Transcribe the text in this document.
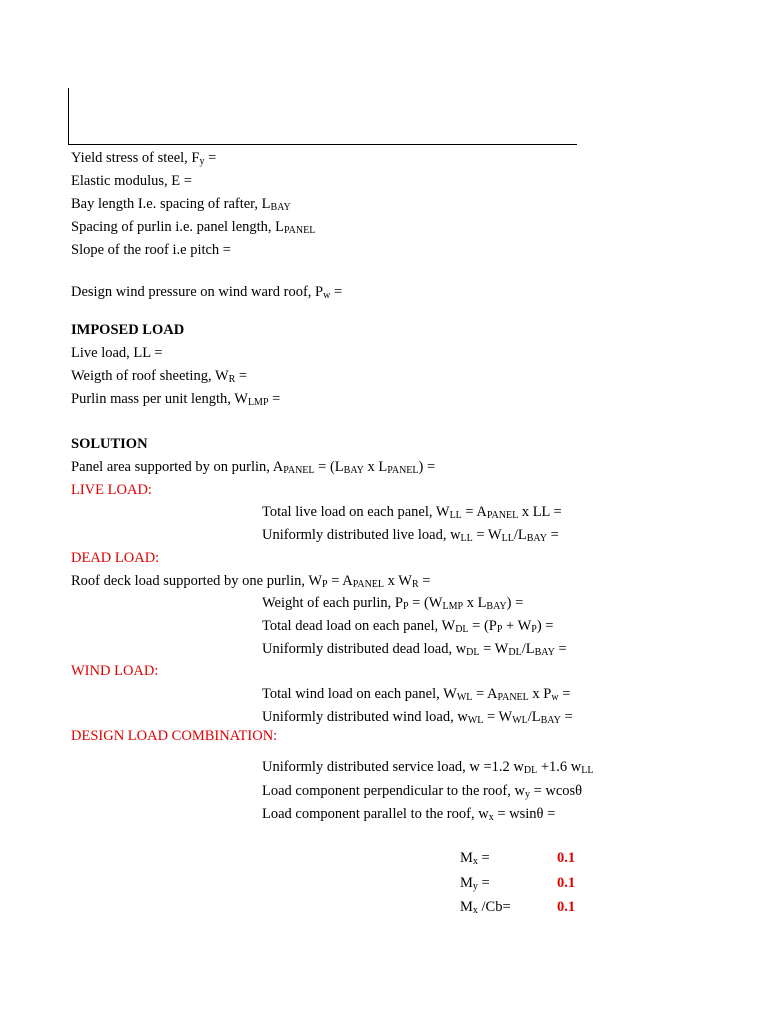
Yield stress of steel, $F_y$ =
Elastic modulus, E =
Bay length I.e. spacing of rafter, $L_{BAY}$
Spacing of purlin i.e. panel length, $L_{PANEL}$
Slope of the roof i.e pitch =
Design wind pressure on wind ward roof, $P_w$ =
IMPOSED LOAD
Live load, LL =
Weigth of roof sheeting, $W_R$ =
Purlin mass per unit length, $W_{LMP}$ =
SOLUTION
Panel area supported by on purlin, $A_{PANEL} = (L_{BAY}$ x $L_{PANEL}$) =
LIVE LOAD:
Total live load on each panel, $W_{LL} = A_{PANEL}$ x LL =
Uniformly distributed live load, $w_{LL} = W_{LL}/L_{BAY}$ =
DEAD LOAD:
Roof deck load supported by one purlin, $W_P = A_{PANEL}$ x $W_R$ =
Weight of each purlin, $P_P = (W_{LMP}$ x $L_{BAY}$) =
Total dead load on each panel, $W_{DL} = (P_P + W_P)$ =
Uniformly distributed dead load, $w_{DL} = W_{DL}/L_{BAY}$ =
WIND LOAD:
Total wind load on each panel, $W_{WL} = A_{PANEL}$ x $P_w$ =
Uniformly distributed wind load, $w_{WL} = W_{WL}/L_{BAY}$ =
DESIGN LOAD COMBINATION:
Uniformly distributed service load, w =1.2 $w_{DL} +1.6$ $w_{LL}$
Load component perpendicular to the roof, $w_y = wcos\theta$
Load component parallel to the roof, $w_x = wsin\theta$ =
$M_x$ =	0.1
$M_y$ =	0.1
$M_x$ /Cb=	0.1
